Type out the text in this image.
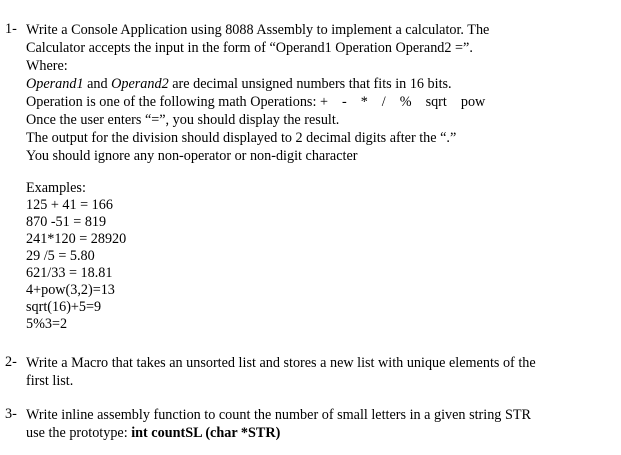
1- Write a Console Application using 8088 Assembly to implement a calculator. The
Calculator accepts the input in the form of “Operand1 Operation Operand2 =”.
Where:
Operand1 and Operand2 are decimal unsigned numbers that fits in 16 bits.
Operation is one of the following math Operations: + - * / % sqrt pow
Once the user enters “=”, you should display the result.
The output for the division should displayed to 2 decimal digits after the “.”
You should ignore any non-operator or non-digit character
Examples:
125 + 41 = 166
870 -51 = 819
241*120 = 28920
29 /5 = 5.80
621/33 = 18.81
4+pow(3,2)=13
sqrt(16)+5=9
5%3=2
2- Write a Macro that takes an unsorted list and stores a new list with unique elements of the
first list.
3- Write inline assembly function to count the number of small letters in a given string STR
use the prototype: int countSL (char *STR)
